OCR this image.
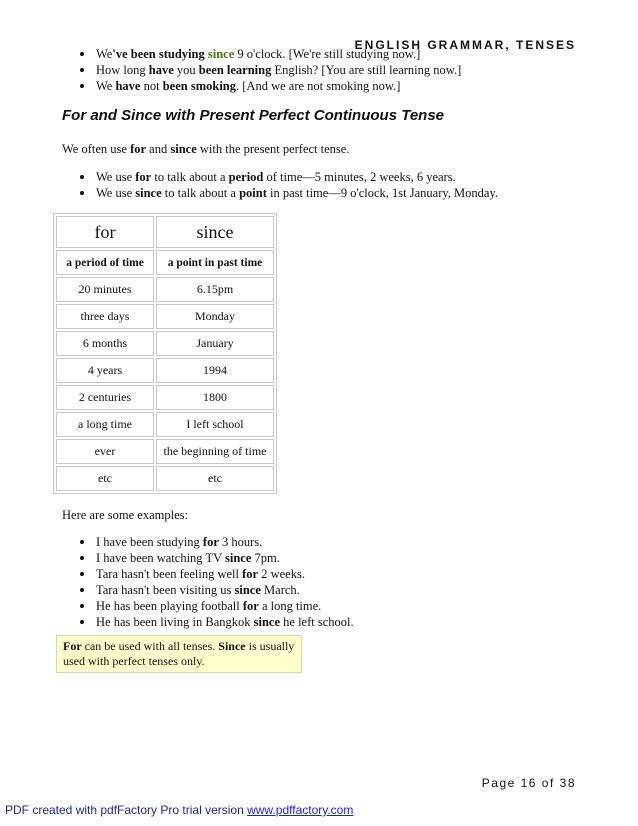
ENGLISH GRAMMAR, TENSES
We've been studying since 9 o'clock. [We're still studying now.]
How long have you been learning English? [You are still learning now.]
We have not been smoking. [And we are not smoking now.]
For and Since with Present Perfect Continuous Tense
We often use for and since with the present perfect tense.
We use for to talk about a period of time—5 minutes, 2 weeks, 6 years.
We use since to talk about a point in past time—9 o'clock, 1st January, Monday.
for	since
a period of time	a point in past time
20 minutes	6.15pm
three days	Monday
6 months	January
4 years	1994
2 centuries	1800
a long time	I left school
ever	the beginning of time
etc	etc
Here are some examples:
I have been studying for 3 hours.
I have been watching TV since 7pm.
Tara hasn't been feeling well for 2 weeks.
Tara hasn't been visiting us since March.
He has been playing football for a long time.
He has been living in Bangkok since he left school.
For can be used with all tenses. Since is usually used with perfect tenses only.
Page 16 of 38
PDF created with pdfFactory Pro trial version www.pdffactory.com
